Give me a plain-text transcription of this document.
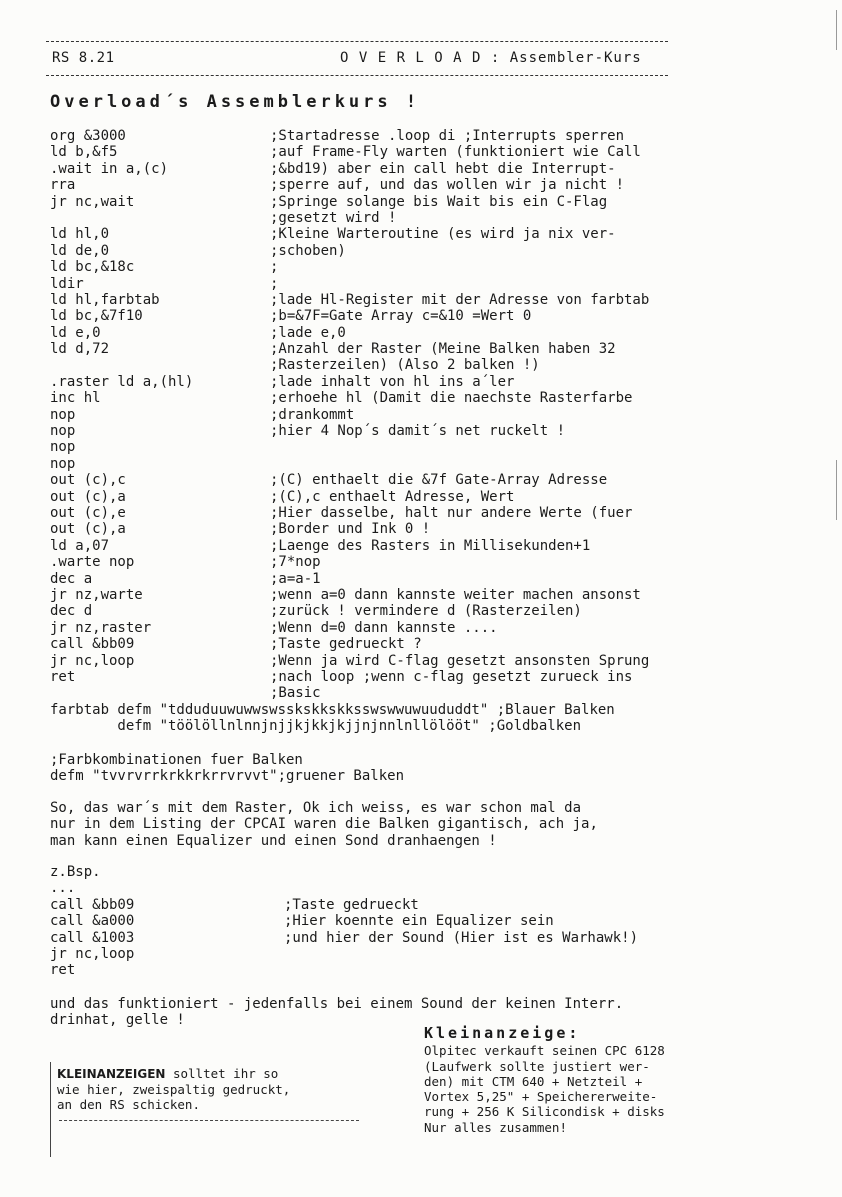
RS 8.21	O V E R L O A D : Assembler-Kurs
Overload´s Assemblerkurs !
org &3000	;Startadresse .loop di ;Interrupts sperren
ld b,&f5	;auf Frame-Fly warten (funktioniert wie Call
.wait in a,(c)	;&bd19) aber ein call hebt die Interrupt-
rra	;sperre auf, und das wollen wir ja nicht !
jr nc,wait	;Springe solange bis Wait bis ein C-Flag
;gesetzt wird !
ld hl,0	;Kleine Warteroutine (es wird ja nix ver-
ld de,0	;schoben)
ld bc,&18c	;
ldir	;
ld hl,farbtab	;lade Hl-Register mit der Adresse von farbtab
ld bc,&7f10	;b=&7F=Gate Array c=&10 =Wert 0
ld e,0	;lade e,0
ld d,72	;Anzahl der Raster (Meine Balken haben 32
;Rasterzeilen) (Also 2 balken !)
.raster ld a,(hl)	;lade inhalt von hl ins a´ler
inc hl	;erhoehe hl (Damit die naechste Rasterfarbe
nop	;drankommt
nop	;hier 4 Nop´s damit´s net ruckelt !
nop
nop
out (c),c	;(C) enthaelt die &7f Gate-Array Adresse
out (c),a	;(C),c enthaelt Adresse, Wert
out (c),e	;Hier dasselbe, halt nur andere Werte (fuer
out (c),a	;Border und Ink 0 !
ld a,07	;Laenge des Rasters in Millisekunden+1
.warte nop	;7*nop
dec a	;a=a-1
jr nz,warte	;wenn a=0 dann kannste weiter machen ansonst
dec d	;zurück ! vermindere d (Rasterzeilen)
jr nz,raster	;Wenn d=0 dann kannste ....
call &bb09	;Taste gedrueckt ?
jr nc,loop	;Wenn ja wird C-flag gesetzt ansonsten Sprung
ret	;nach loop ;wenn c-flag gesetzt zurueck ins
;Basic
farbtab defm "tdduduuwuwwswsskskkskksswswwuwuududdt" ;Blauer Balken
defm "töölöllnlnnjnjjkjkkjkjjnjnnlnllölööt" ;Goldbalken
;Farbkombinationen fuer Balken
defm "tvvrvrrkrkkrkrrvrvvt";gruener Balken
So, das war´s mit dem Raster, Ok ich weiss, es war schon mal da
nur in dem Listing der CPCAI waren die Balken gigantisch, ach ja,
man kann einen Equalizer und einen Sond dranhaengen !
z.Bsp.
...
call &bb09	;Taste gedrueckt
call &a000	;Hier koennte ein Equalizer sein
call &1003	;und hier der Sound (Hier ist es Warhawk!)
jr nc,loop
ret
und das funktioniert - jedenfalls bei einem Sound der keinen Interr.
drinhat, gelle !
KLEINANZEIGEN solltet ihr so
wie hier, zweispaltig gedruckt,
an den RS schicken.
Kleinanzeige:
Olpitec verkauft seinen CPC 6128
(Laufwerk sollte justiert wer-
den) mit CTM 640 + Netzteil +
Vortex 5,25" + Speichererweite-
rung + 256 K Silicondisk + disks
Nur alles zusammen!
